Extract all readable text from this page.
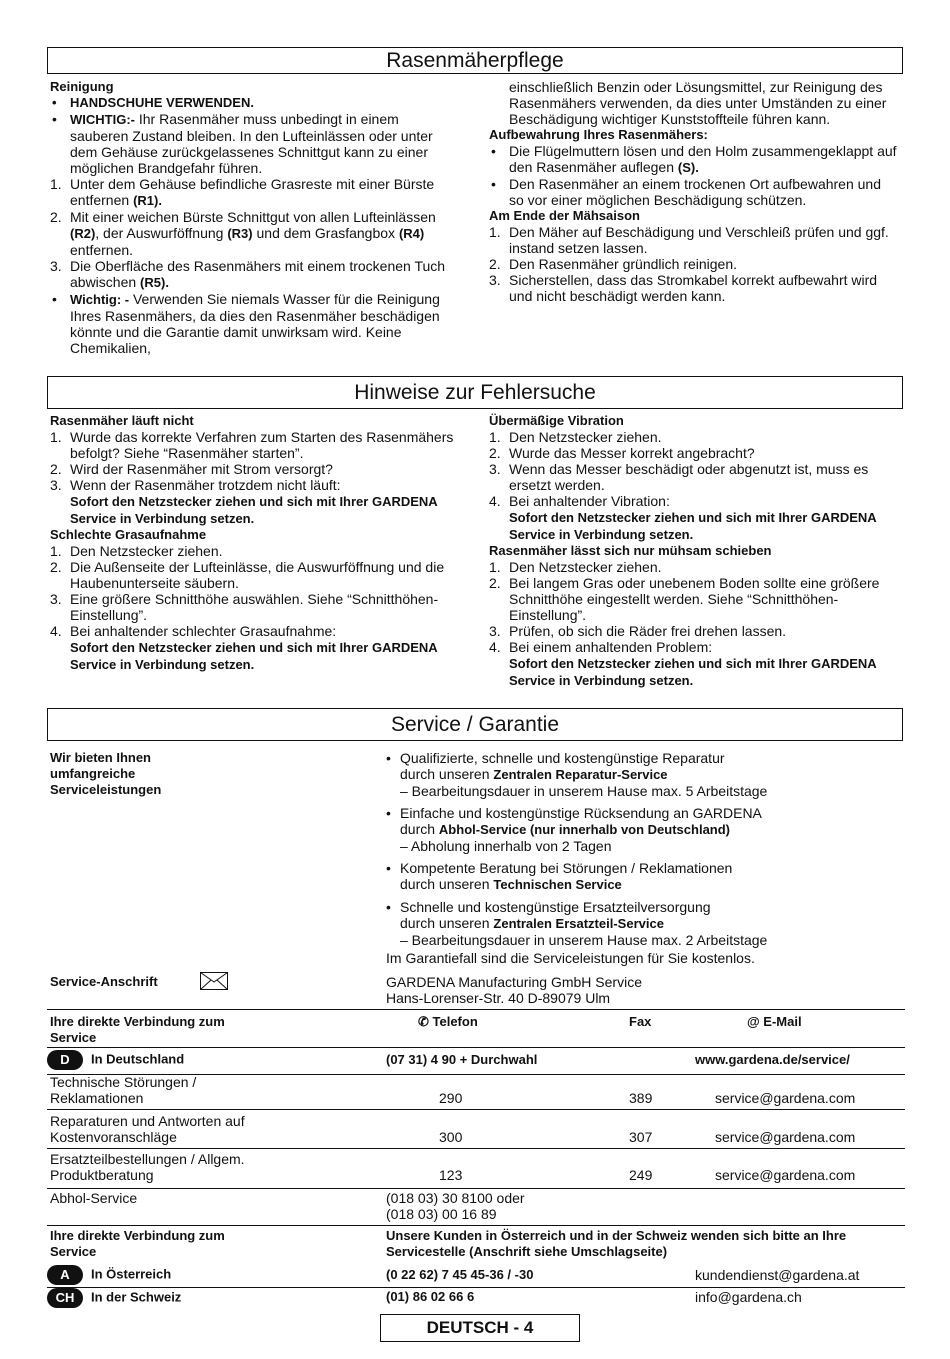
Rasenmäherpflege

Reinigung

• HANDSCHUHE VERWENDEN.
• WICHTIG:- Ihr Rasenmäher muss unbedingt in einem sauberen Zustand bleiben. In den Lufteinlässen oder unter dem Gehäuse zurückgelassenes Schnittgut kann zu einer möglichen Brandgefahr führen.
1. Unter dem Gehäuse befindliche Grasreste mit einer Bürste entfernen (R1).
2. Mit einer weichen Bürste Schnittgut von allen Lufteinlässen (R2), der Auswurföffnung (R3) und dem Grasfangbox (R4) entfernen.
3. Die Oberfläche des Rasenmähers mit einem trockenen Tuch abwischen (R5).
• Wichtig: - Verwenden Sie niemals Wasser für die Reinigung Ihres Rasenmähers, da dies den Rasenmäher beschädigen könnte und die Garantie damit unwirksam wird. Keine Chemikalien,

einschließlich Benzin oder Lösungsmittel, zur Reinigung des Rasenmähers verwenden, da dies unter Umständen zu einer Beschädigung wichtiger Kunststoffteile führen kann.

Aufbewahrung Ihres Rasenmähers:

• Die Flügelmuttern lösen und den Holm zusammengeklappt auf den Rasenmäher auflegen (S).
• Den Rasenmäher an einem trockenen Ort aufbewahren und so vor einer möglichen Beschädigung schützen.

Am Ende der Mähsaison

1. Den Mäher auf Beschädigung und Verschleiß prüfen und ggf. instand setzen lassen.
2. Den Rasenmäher gründlich reinigen.
3. Sicherstellen, dass das Stromkabel korrekt aufbewahrt wird und nicht beschädigt werden kann.
Hinweise zur Fehlersuche

Rasenmäher läuft nicht

1. Wurde das korrekte Verfahren zum Starten des Rasenmähers befolgt? Siehe “Rasenmäher starten”.
2. Wird der Rasenmäher mit Strom versorgt?
3. Wenn der Rasenmäher trotzdem nicht läuft:
Sofort den Netzstecker ziehen und sich mit Ihrer GARDENA Service in Verbindung setzen.

Schlechte Grasaufnahme

1. Den Netzstecker ziehen.
2. Die Außenseite der Lufteinlässe, die Auswurföffnung und die Haubenunterseite säubern.
3. Eine größere Schnitthöhe auswählen. Siehe “Schnitthöhen-Einstellung”.
4. Bei anhaltender schlechter Grasaufnahme:
Sofort den Netzstecker ziehen und sich mit Ihrer GARDENA Service in Verbindung setzen.

Übermäßige Vibration

1. Den Netzstecker ziehen.
2. Wurde das Messer korrekt angebracht?
3. Wenn das Messer beschädigt oder abgenutzt ist, muss es ersetzt werden.
4. Bei anhaltender Vibration:
Sofort den Netzstecker ziehen und sich mit Ihrer GARDENA Service in Verbindung setzen.

Rasenmäher lässt sich nur mühsam schieben

1. Den Netzstecker ziehen.
2. Bei langem Gras oder unebenem Boden sollte eine größere Schnitthöhe eingestellt werden. Siehe “Schnitthöhen-Einstellung”.
3. Prüfen, ob sich die Räder frei drehen lassen.
4. Bei einem anhaltenden Problem:
Sofort den Netzstecker ziehen und sich mit Ihrer GARDENA Service in Verbindung setzen.
Service / Garantie
Wir bieten Ihnen umfangreiche Serviceleistungen
• Qualifizierte, schnelle und kostengünstige Reparatur
durch unseren Zentralen Reparatur-Service
– Bearbeitungsdauer in unserem Hause max. 5 Arbeitstage
• Einfache und kostengünstige Rücksendung an GARDENA
durch Abhol-Service (nur innerhalb von Deutschland)
– Abholung innerhalb von 2 Tagen
• Kompetente Beratung bei Störungen / Reklamationen
durch unseren Technischen Service
• Schnelle und kostengünstige Ersatzteilversorgung
durch unseren Zentralen Ersatzteil-Service
– Bearbeitungsdauer in unserem Hause max. 2 Arbeitstage
Im Garantiefall sind die Serviceleistungen für Sie kostenlos.
Service-Anschrift	GARDENA Manufacturing GmbH Service
Hans-Lorenser-Str. 40 D-89079 Ulm
Ihre direkte Verbindung zum Service
✆ Telefon	Fax	@ E-Mail
D In Deutschland	(07 31) 4 90 + Durchwahl	www.gardena.de/service/
Technische Störungen / Reklamationen	290	389	service@gardena.com
Reparaturen und Antworten auf Kostenvoranschläge	300	307	service@gardena.com
Ersatzteilbestellungen / Allgem. Produktberatung	123	249	service@gardena.com
Abhol-Service	(018 03) 30 8100 oder
(018 03) 00 16 89
Ihre direkte Verbindung zum Service
Unsere Kunden in Österreich und in der Schweiz wenden sich bitte an Ihre Servicestelle (Anschrift siehe Umschlagseite)
A In Österreich	(0 22 62) 7 45 45-36 / -30	kundendienst@gardena.at
CH In der Schweiz	(01) 86 02 66 6	info@gardena.ch
DEUTSCH - 4
